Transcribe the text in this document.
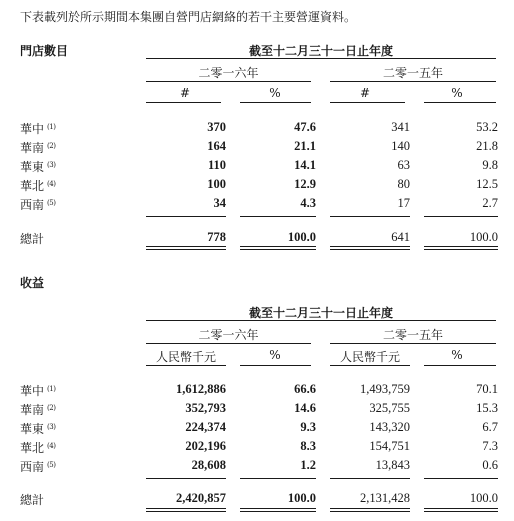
下表載列於所示期間本集團自營門店網絡的若干主要營運資料。
門店數目	截至十二月三十一日止年度
二零一六年	二零一五年
#	%	#	%
華中 $^{(1)}$	370	47.6	341	53.2
華南 $^{(2)}$	164	21.1	140	21.8
華東 $^{(3)}$	110	14.1	63	9.8
華北 $^{(4)}$	100	12.9	80	12.5
西南 $^{(5)}$	34	4.3	17	2.7
總計	778	100.0	641	100.0
收益
截至十二月三十一日止年度
二零一六年	二零一五年
人民幣千元	%	人民幣千元	%
華中 $^{(1)}$	1,612,886	66.6	1,493,759	70.1
華南 $^{(2)}$	352,793	14.6	325,755	15.3
華東 $^{(3)}$	224,374	9.3	143,320	6.7
華北 $^{(4)}$	202,196	8.3	154,751	7.3
西南 $^{(5)}$	28,608	1.2	13,843	0.6
總計	2,420,857	100.0	2,131,428	100.0
